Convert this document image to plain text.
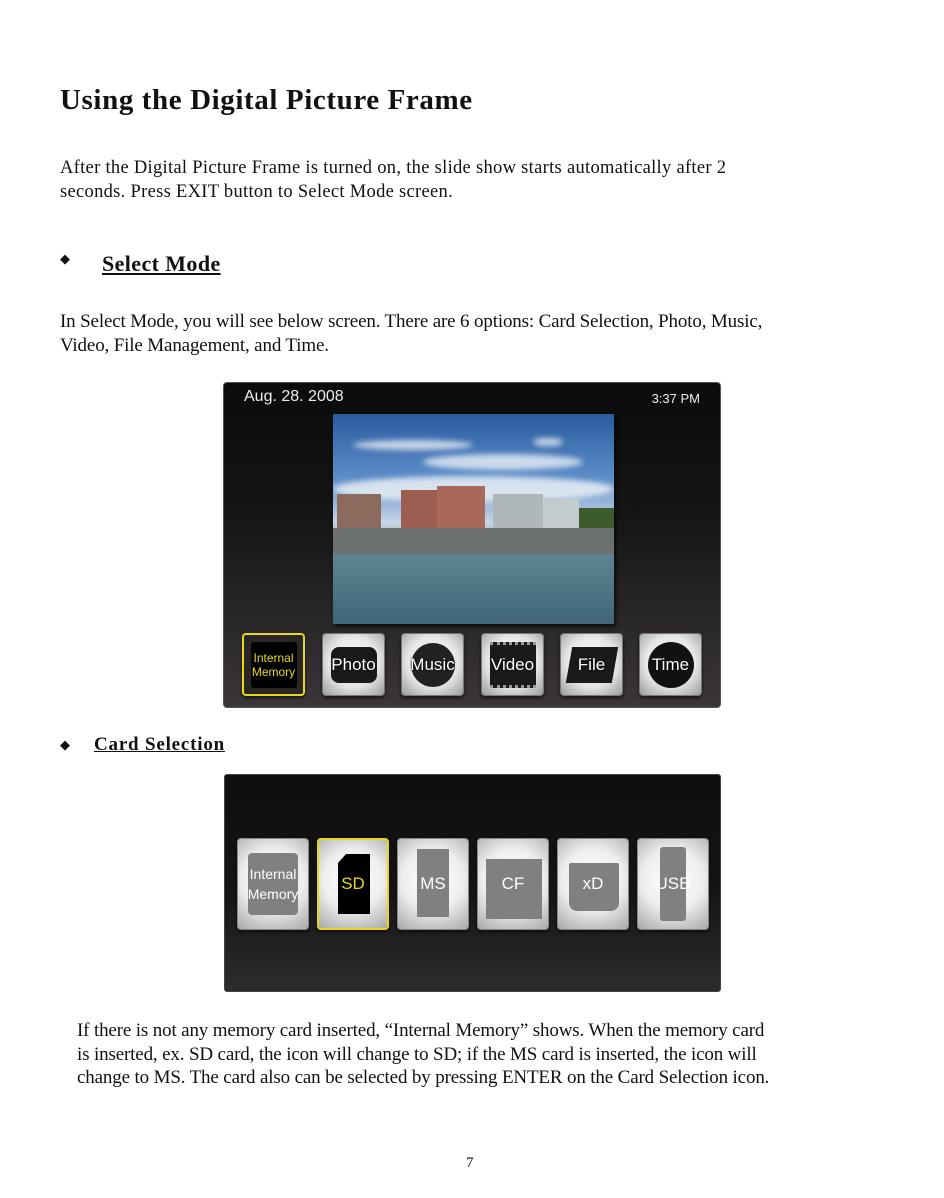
Using the Digital Picture Frame

After the Digital Picture Frame is turned on, the slide show starts automatically after 2

seconds. Press EXIT button to Select Mode screen.

◆ Select Mode

In Select Mode, you will see below screen. There are 6 options: Card Selection, Photo, Music,

Video, File Management, and Time.

Aug. 28. 2008	3:37 PM
Internal
Memory	Photo	Music	Video	File	Time
◆ Card Selection
Internal
Memory
SD	MS	CF	xD	USB

If there is not any memory card inserted, “Internal Memory” shows. When the memory card

is inserted, ex. SD card, the icon will change to SD; if the MS card is inserted, the icon will

change to MS. The card also can be selected by pressing ENTER on the Card Selection icon.

7
